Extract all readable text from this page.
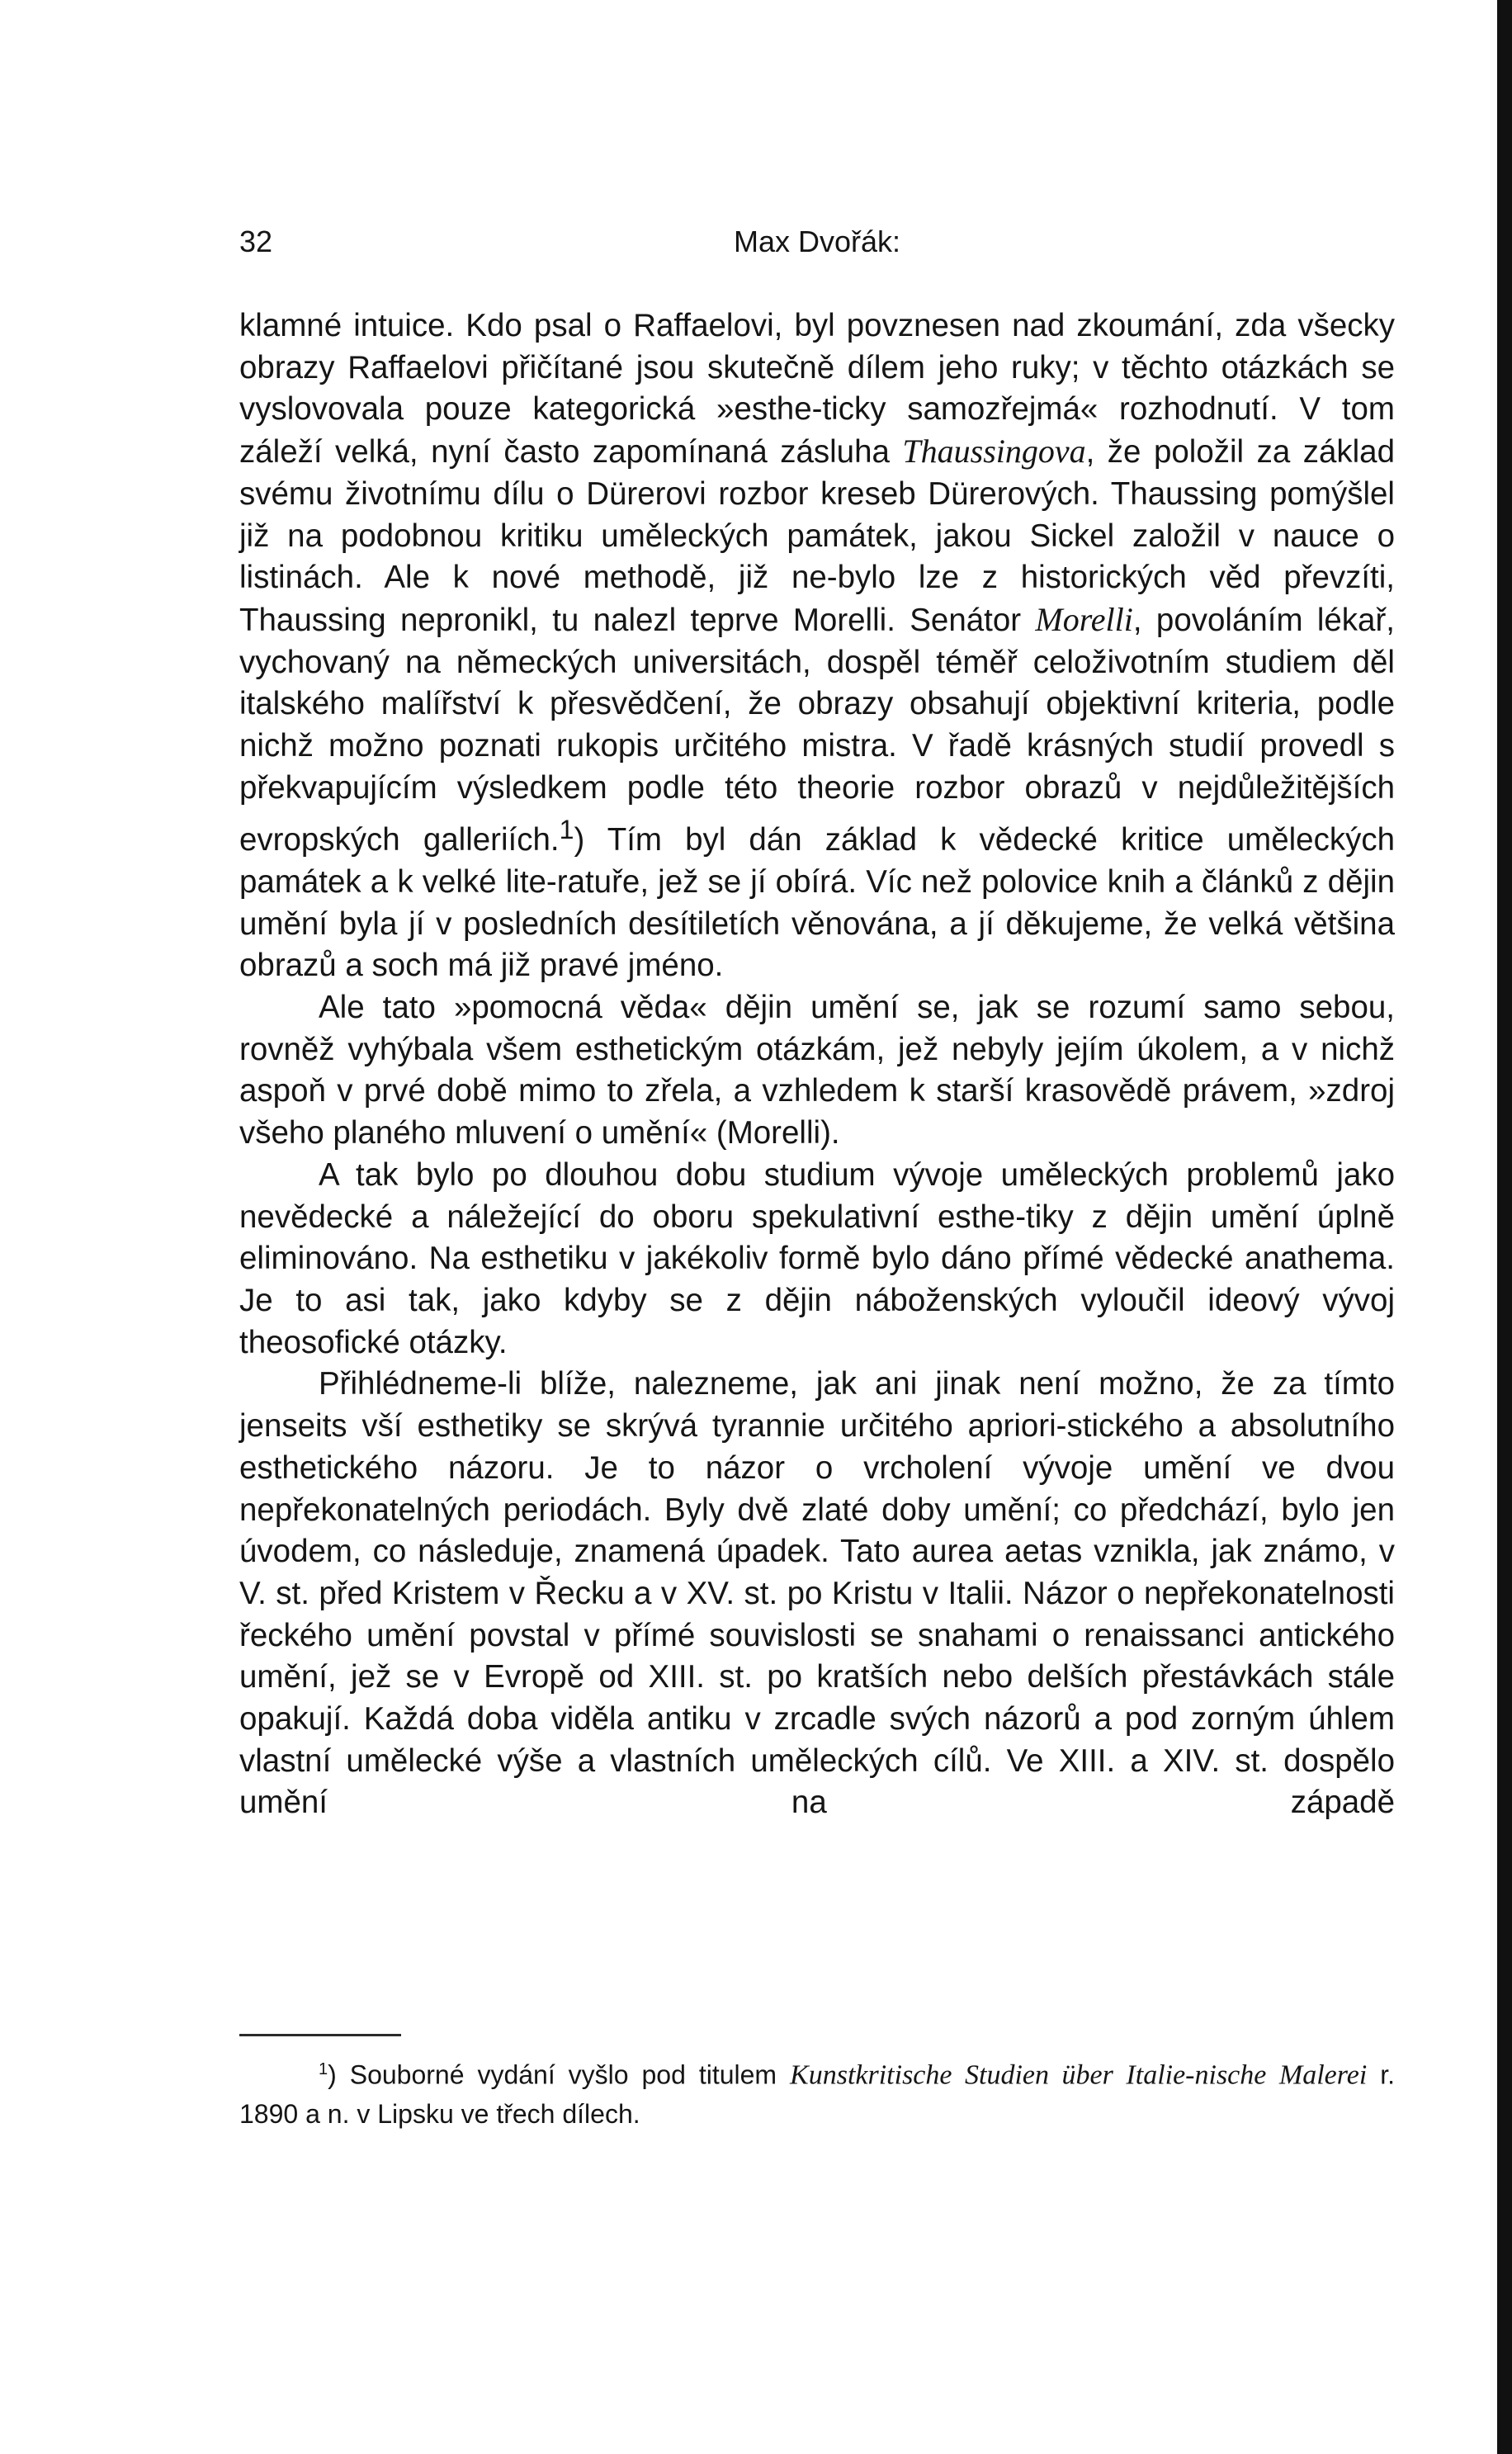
32	Max Dvořák:

klamné intuice. Kdo psal o Raffaelovi, byl povznesen nad zkoumání, zda všecky obrazy Raffaelovi přičítané jsou skutečně dílem jeho ruky; v těchto otázkách se vyslovovala pouze kategorická »esthe-ticky samozřejmá« rozhodnutí. V tom záleží velká, nyní často zapomínaná zásluha Thaussingova, že položil za základ svému životnímu dílu o Dürerovi rozbor kreseb Dürerových. Thaussing pomýšlel již na podobnou kritiku uměleckých památek, jakou Sickel založil v nauce o listinách. Ale k nové methodě, již ne-bylo lze z historických věd převzíti, Thaussing nepronikl, tu nalezl teprve Morelli. Senátor Morelli, povoláním lékař, vychovaný na německých universitách, dospěl téměř celoživotním studiem děl italského malířství k přesvědčení, že obrazy obsahují objektivní kriteria, podle nichž možno poznati rukopis určitého mistra. V řadě krásných studií provedl s překvapujícím výsledkem podle této theorie rozbor obrazů v nejdůležitějších evropských galleriích.$^1$) Tím byl dán základ k vědecké kritice uměleckých památek a k velké lite-ratuře, jež se jí obírá. Víc než polovice knih a článků z dějin umění byla jí v posledních desítiletích věnována, a jí děkujeme, že velká většina obrazů a soch má již pravé jméno.

Ale tato »pomocná věda« dějin umění se, jak se rozumí samo sebou, rovněž vyhýbala všem esthetickým otázkám, jež nebyly jejím úkolem, a v nichž aspoň v prvé době mimo to zřela, a vzhledem k starší krasovědě právem, »zdroj všeho planého mluvení o umění« (Morelli).

A tak bylo po dlouhou dobu studium vývoje uměleckých problemů jako nevědecké a náležející do oboru spekulativní esthe-tiky z dějin umění úplně eliminováno. Na esthetiku v jakékoliv formě bylo dáno přímé vědecké anathema. Je to asi tak, jako kdyby se z dějin náboženských vyloučil ideový vývoj theosofické otázky.

Přihlédneme-li blíže, nalezneme, jak ani jinak není možno, že za tímto jenseits vší esthetiky se skrývá tyrannie určitého apriori-stického a absolutního esthetického názoru. Je to názor o vrcholení vývoje umění ve dvou nepřekonatelných periodách. Byly dvě zlaté doby umění; co předchází, bylo jen úvodem, co následuje, znamená úpadek. Tato aurea aetas vznikla, jak známo, v V. st. před Kristem v Řecku a v XV. st. po Kristu v Italii. Názor o nepřekonatelnosti řeckého umění povstal v přímé souvislosti se snahami o renaissanci antického umění, jež se v Evropě od XIII. st. po kratších nebo delších přestávkách stále opakují. Každá doba viděla antiku v zrcadle svých názorů a pod zorným úhlem vlastní umělecké výše a vlastních uměleckých cílů. Ve XIII. a XIV. st. dospělo umění na západě

$^1$) Souborné vydání vyšlo pod titulem Kunstkritische Studien über Italie-nische Malerei r. 1890 a n. v Lipsku ve třech dílech.
